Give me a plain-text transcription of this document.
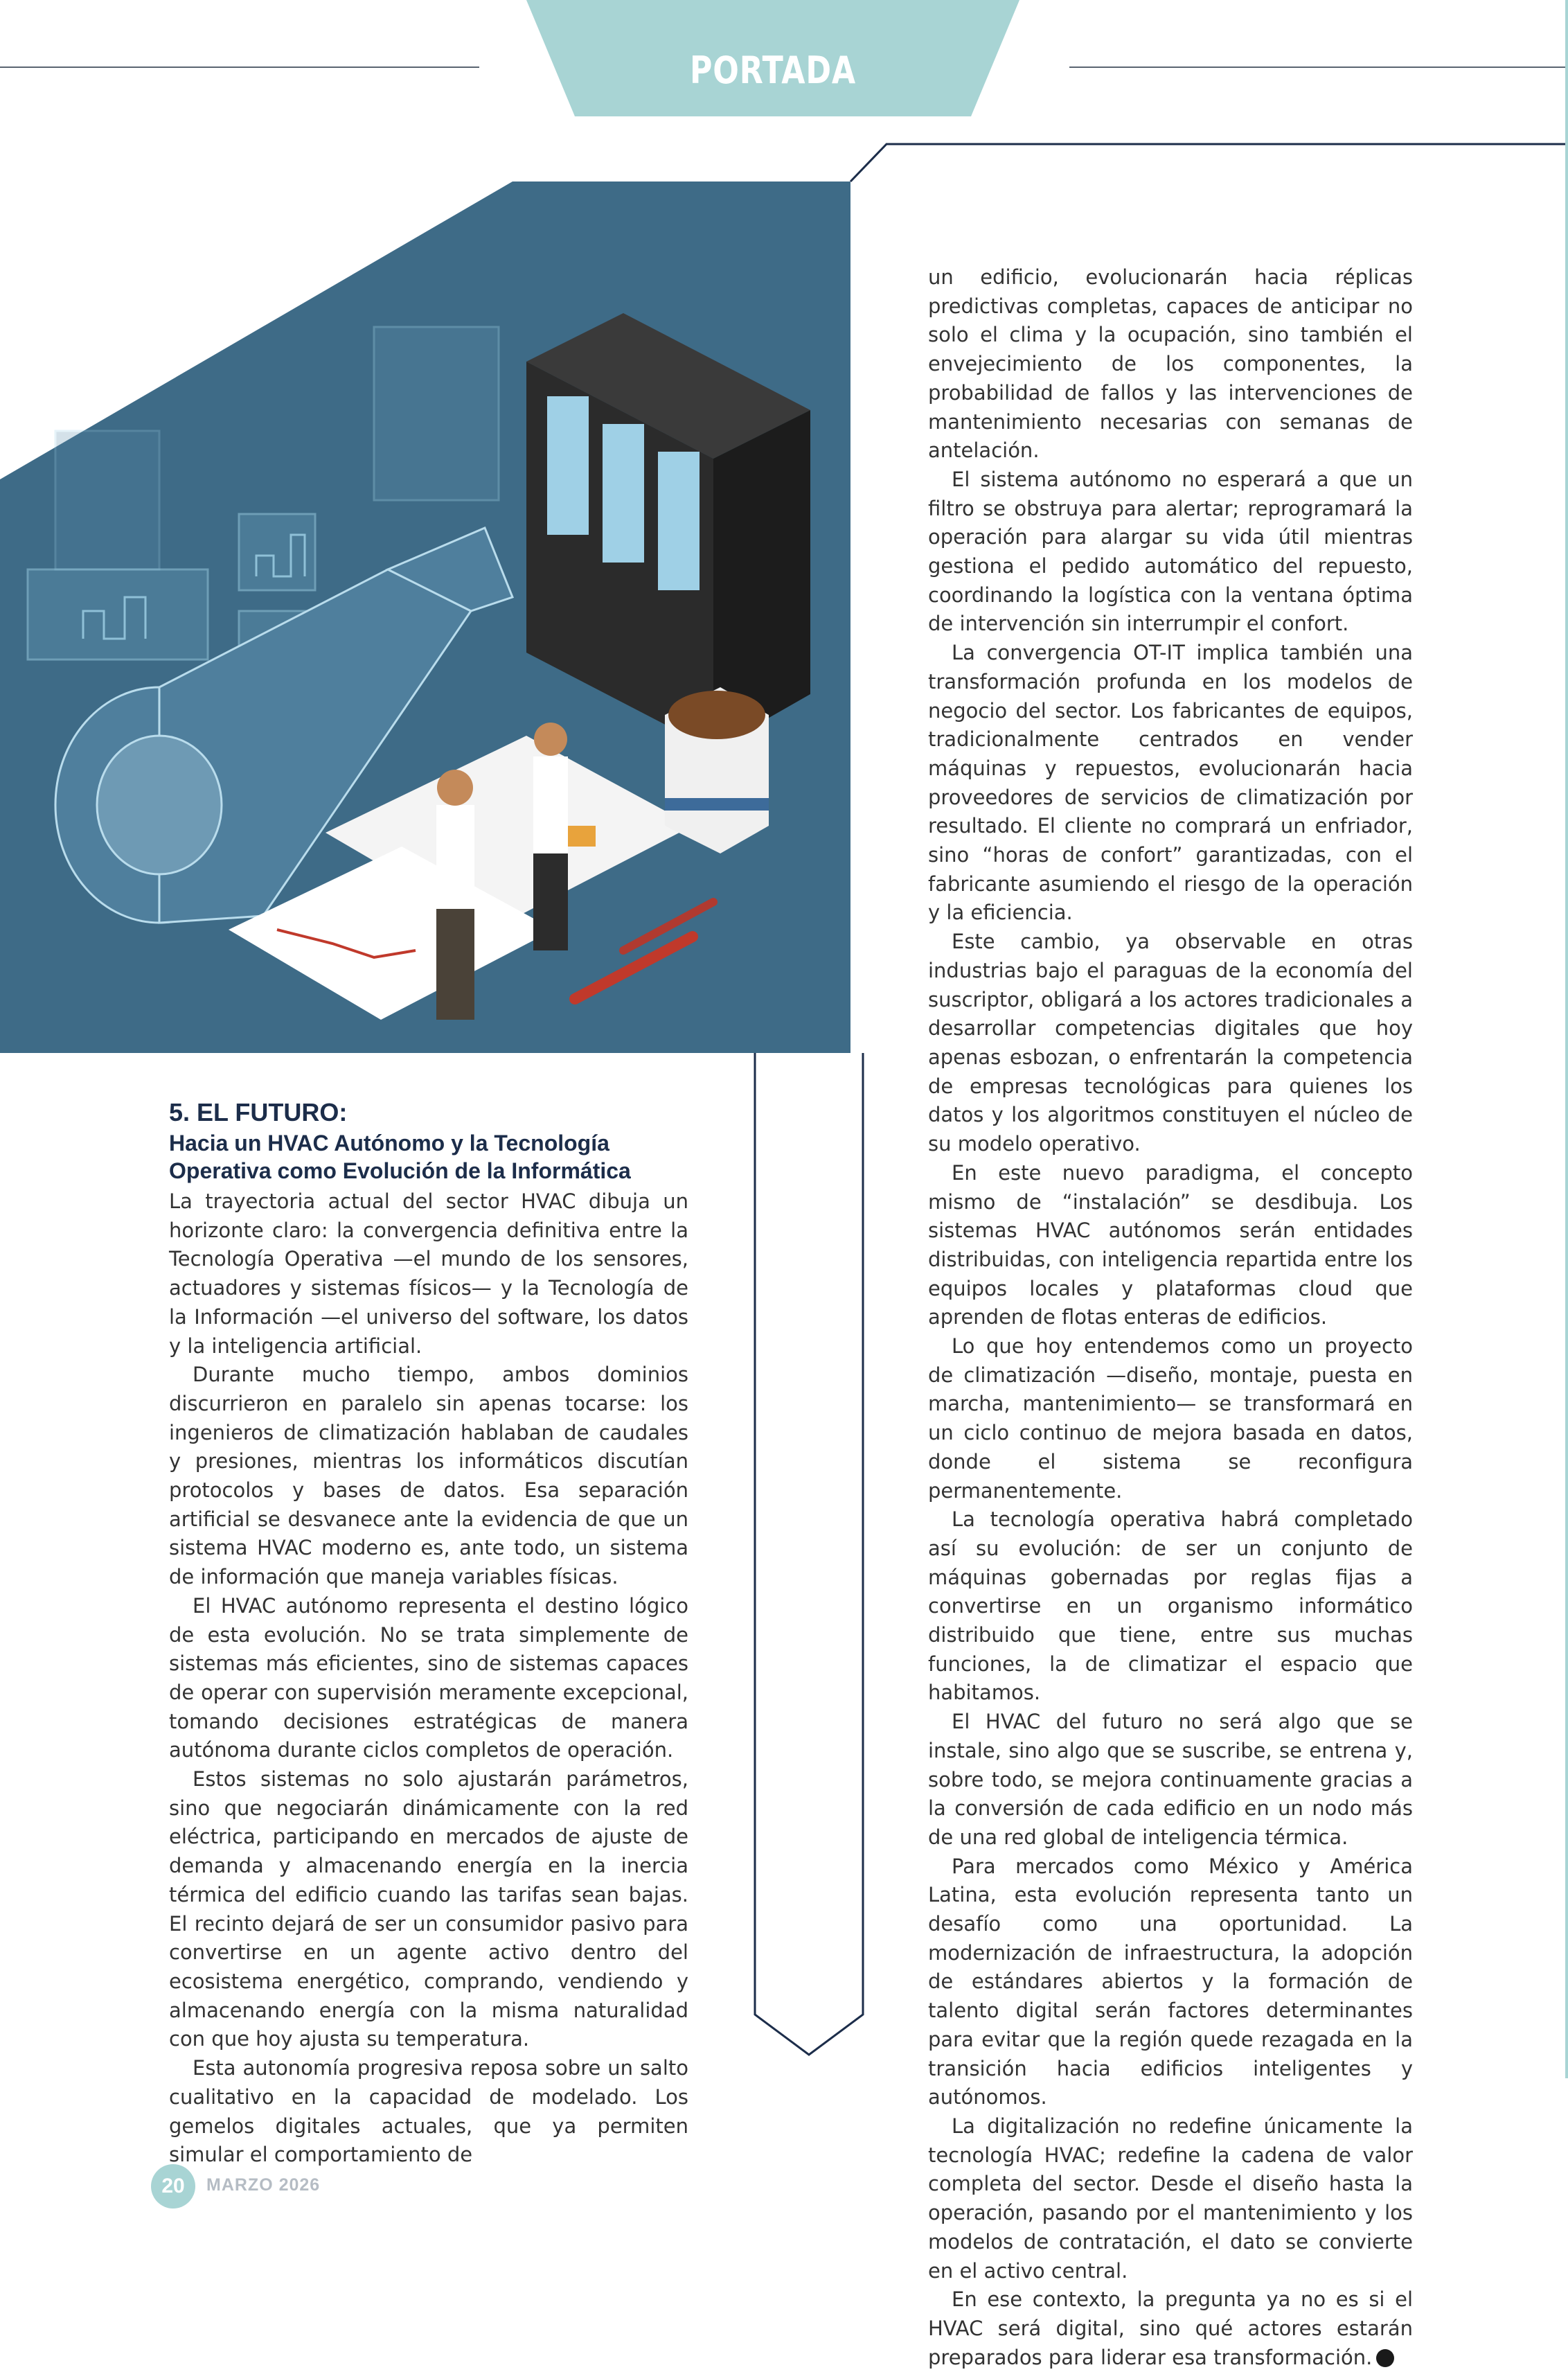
PORTADA
5. EL FUTURO:
Hacia un HVAC Autónomo y la Tecnología Operativa como Evolución de la Informática

La trayectoria actual del sector HVAC dibuja un horizonte claro: la convergencia definitiva entre la Tecnología Operativa —el mundo de los sensores, actuadores y sistemas físicos— y la Tecnología de la Información —el universo del software, los datos y la inteligencia artificial.

Durante mucho tiempo, ambos dominios discurrieron en paralelo sin apenas tocarse: los ingenieros de climatización hablaban de caudales y presiones, mientras los informáticos discutían protocolos y bases de datos. Esa separación artificial se desvanece ante la evidencia de que un sistema HVAC moderno es, ante todo, un sistema de información que maneja variables físicas.

El HVAC autónomo representa el destino lógico de esta evolución. No se trata simplemente de sistemas más eficientes, sino de sistemas capaces de operar con supervisión meramente excepcional, tomando decisiones estratégicas de manera autónoma durante ciclos completos de operación.

Estos sistemas no solo ajustarán parámetros, sino que negociarán dinámicamente con la red eléctrica, participando en mercados de ajuste de demanda y almacenando energía en la inercia térmica del edificio cuando las tarifas sean bajas. El recinto dejará de ser un consumidor pasivo para convertirse en un agente activo dentro del ecosistema energético, comprando, vendiendo y almacenando energía con la misma naturalidad con que hoy ajusta su temperatura.

Esta autonomía progresiva reposa sobre un salto cualitativo en la capacidad de modelado. Los gemelos digitales actuales, que ya permiten simular el comportamiento de

un edificio, evolucionarán hacia réplicas predictivas completas, capaces de anticipar no solo el clima y la ocupación, sino también el envejecimiento de los componentes, la probabilidad de fallos y las intervenciones de mantenimiento necesarias con semanas de antelación.

El sistema autónomo no esperará a que un filtro se obstruya para alertar; reprogramará la operación para alargar su vida útil mientras gestiona el pedido automático del repuesto, coordinando la logística con la ventana óptima de intervención sin interrumpir el confort.

La convergencia OT-IT implica también una transformación profunda en los modelos de negocio del sector. Los fabricantes de equipos, tradicionalmente centrados en vender máquinas y repuestos, evolucionarán hacia proveedores de servicios de climatización por resultado. El cliente no comprará un enfriador, sino “horas de confort” garantizadas, con el fabricante asumiendo el riesgo de la operación y la eficiencia.

Este cambio, ya observable en otras industrias bajo el paraguas de la economía del suscriptor, obligará a los actores tradicionales a desarrollar competencias digitales que hoy apenas esbozan, o enfrentarán la competencia de empresas tecnológicas para quienes los datos y los algoritmos constituyen el núcleo de su modelo operativo.

En este nuevo paradigma, el concepto mismo de “instalación” se desdibuja. Los sistemas HVAC autónomos serán entidades distribuidas, con inteligencia repartida entre los equipos locales y plataformas cloud que aprenden de flotas enteras de edificios.

Lo que hoy entendemos como un proyecto de climatización —diseño, montaje, puesta en marcha, mantenimiento— se transformará en un ciclo continuo de mejora basada en datos, donde el sistema se reconfigura permanentemente.

La tecnología operativa habrá completado así su evolución: de ser un conjunto de máquinas gobernadas por reglas fijas a convertirse en un organismo informático distribuido que tiene, entre sus muchas funciones, la de climatizar el espacio que habitamos.

El HVAC del futuro no será algo que se instale, sino algo que se suscribe, se entrena y, sobre todo, se mejora continuamente gracias a la conversión de cada edificio en un nodo más de una red global de inteligencia térmica.

Para mercados como México y América Latina, esta evolución representa tanto un desafío como una oportunidad. La modernización de infraestructura, la adopción de estándares abiertos y la formación de talento digital serán factores determinantes para evitar que la región quede rezagada en la transición hacia edificios inteligentes y autónomos.

La digitalización no redefine únicamente la tecnología HVAC; redefine la cadena de valor completa del sector. Desde el diseño hasta la operación, pasando por el mantenimiento y los modelos de contratación, el dato se convierte en el activo central.

En ese contexto, la pregunta ya no es si el HVAC será digital, sino qué actores estarán preparados para liderar esa transformación.

20	MARZO 2026
